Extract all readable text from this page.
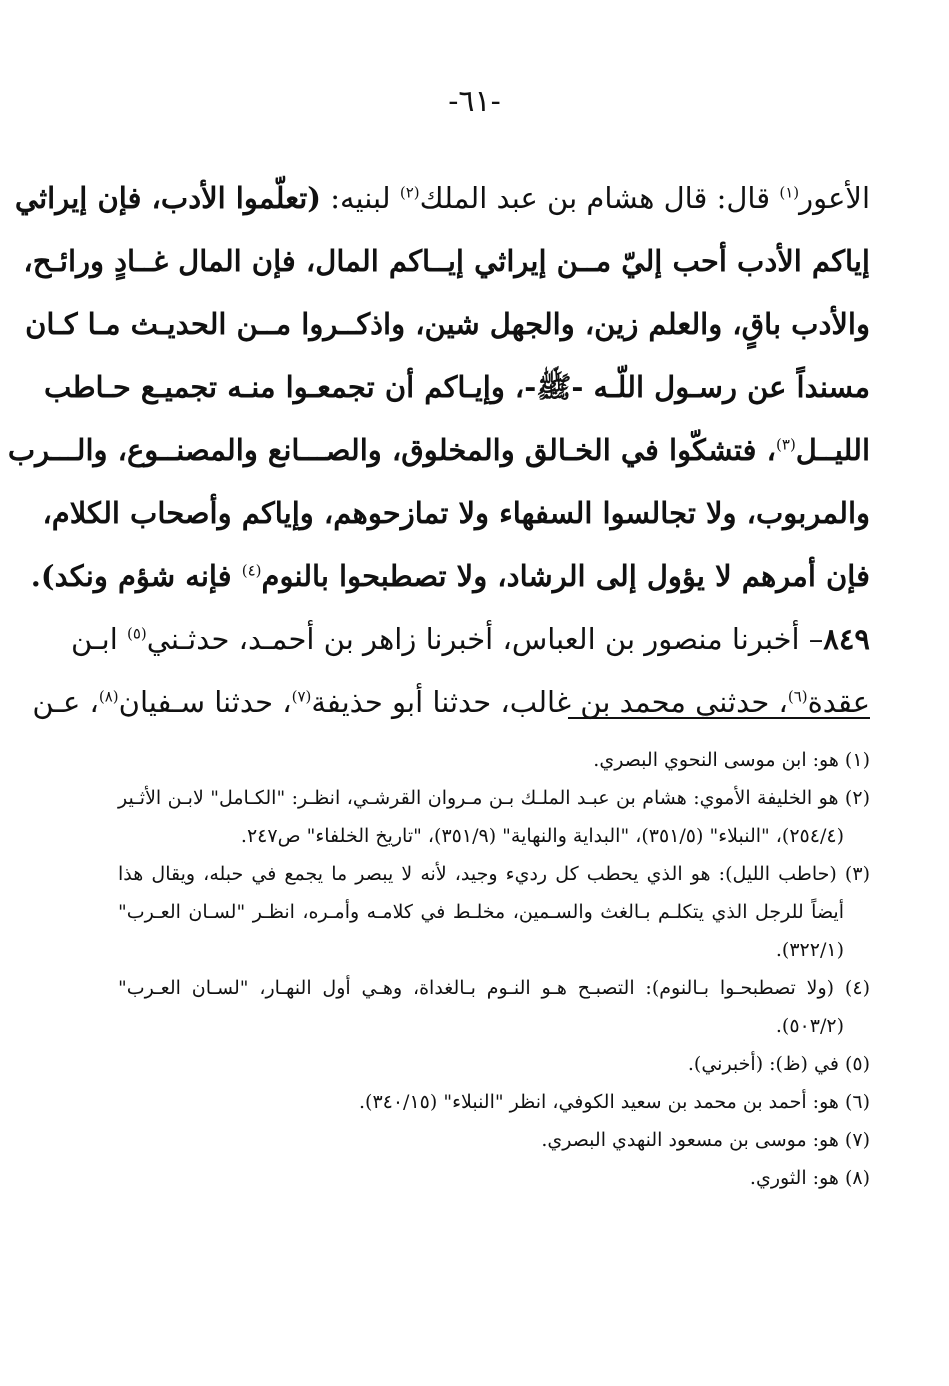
-٦١-
الأعور$^{(١)}$ قال: قال هشام بن عبد الملك$^{(٢)}$ لبنيه: (تعلّموا الأدب، فإن إيراثي
إياكم الأدب أحب إليّ مــن إيراثي إيــاكم المال، فإن المال غــادٍ ورائـح،
والأدب باقٍ، والعلم زين، والجهل شين، واذكــروا مــن الحديـث مـا كـان
مسنداً عن رسـول اللّـه -ﷺ-، وإيـاكم أن تجمعـوا منـه تجميـع حـاطب
الليــل$^{(٣)}$، فتشكّوا في الخـالق والمخلوق، والصـــانع والمصنــوع، والـــرب
والمربوب، ولا تجالسوا السفهاء ولا تمازحوهم، وإياكم وأصحاب الكلام،
فإن أمرهم لا يؤول إلى الرشاد، ولا تصطبحوا بالنوم$^{(٤)}$ فإنه شؤم ونكد).
٨٤٩– أخبرنا منصور بن العباس، أخبرنا زاهر بن أحمـد، حدثـني$^{(٥)}$ ابـن
عقدة$^{(٦)}$، حدثني محمد بن غالب، حدثنا أبو حذيفة$^{(٧)}$، حدثنا سـفيان$^{(٨)}$، عـن
(١) هو: ابن موسى النحوي البصري.
(٢) هو الخليفة الأموي: هشام بن عبـد الملـك بـن مـروان القرشـي، انظـر: "الكـامل" لابـن الأثـير
(٢٥٤/٤)، "النبلاء" (٣٥١/٥)، "البداية والنهاية" (٣٥١/٩)، "تاريخ الخلفاء" ص٢٤٧.
(٣) (حاطب الليل): هو الذي يحطب كل رديء وجيد، لأنه لا يبصر ما يجمع في حبله، ويقال هذا
أيضاً للرجل الذي يتكلـم بـالغث والسـمين، مخلـط في كلامـه وأمـره، انظـر "لسـان العـرب"
(٣٢٢/١).
(٤) (ولا تصطبحـوا بـالنوم): التصبـح هـو النـوم بـالغداة، وهـي أول النهـار، "لسـان العـرب"
(٥٠٣/٢).
(٥) في (ظ): (أخبرني).
(٦) هو: أحمد بن محمد بن سعيد الكوفي، انظر "النبلاء" (٣٤٠/١٥).
(٧) هو: موسى بن مسعود النهدي البصري.
(٨) هو: الثوري.
